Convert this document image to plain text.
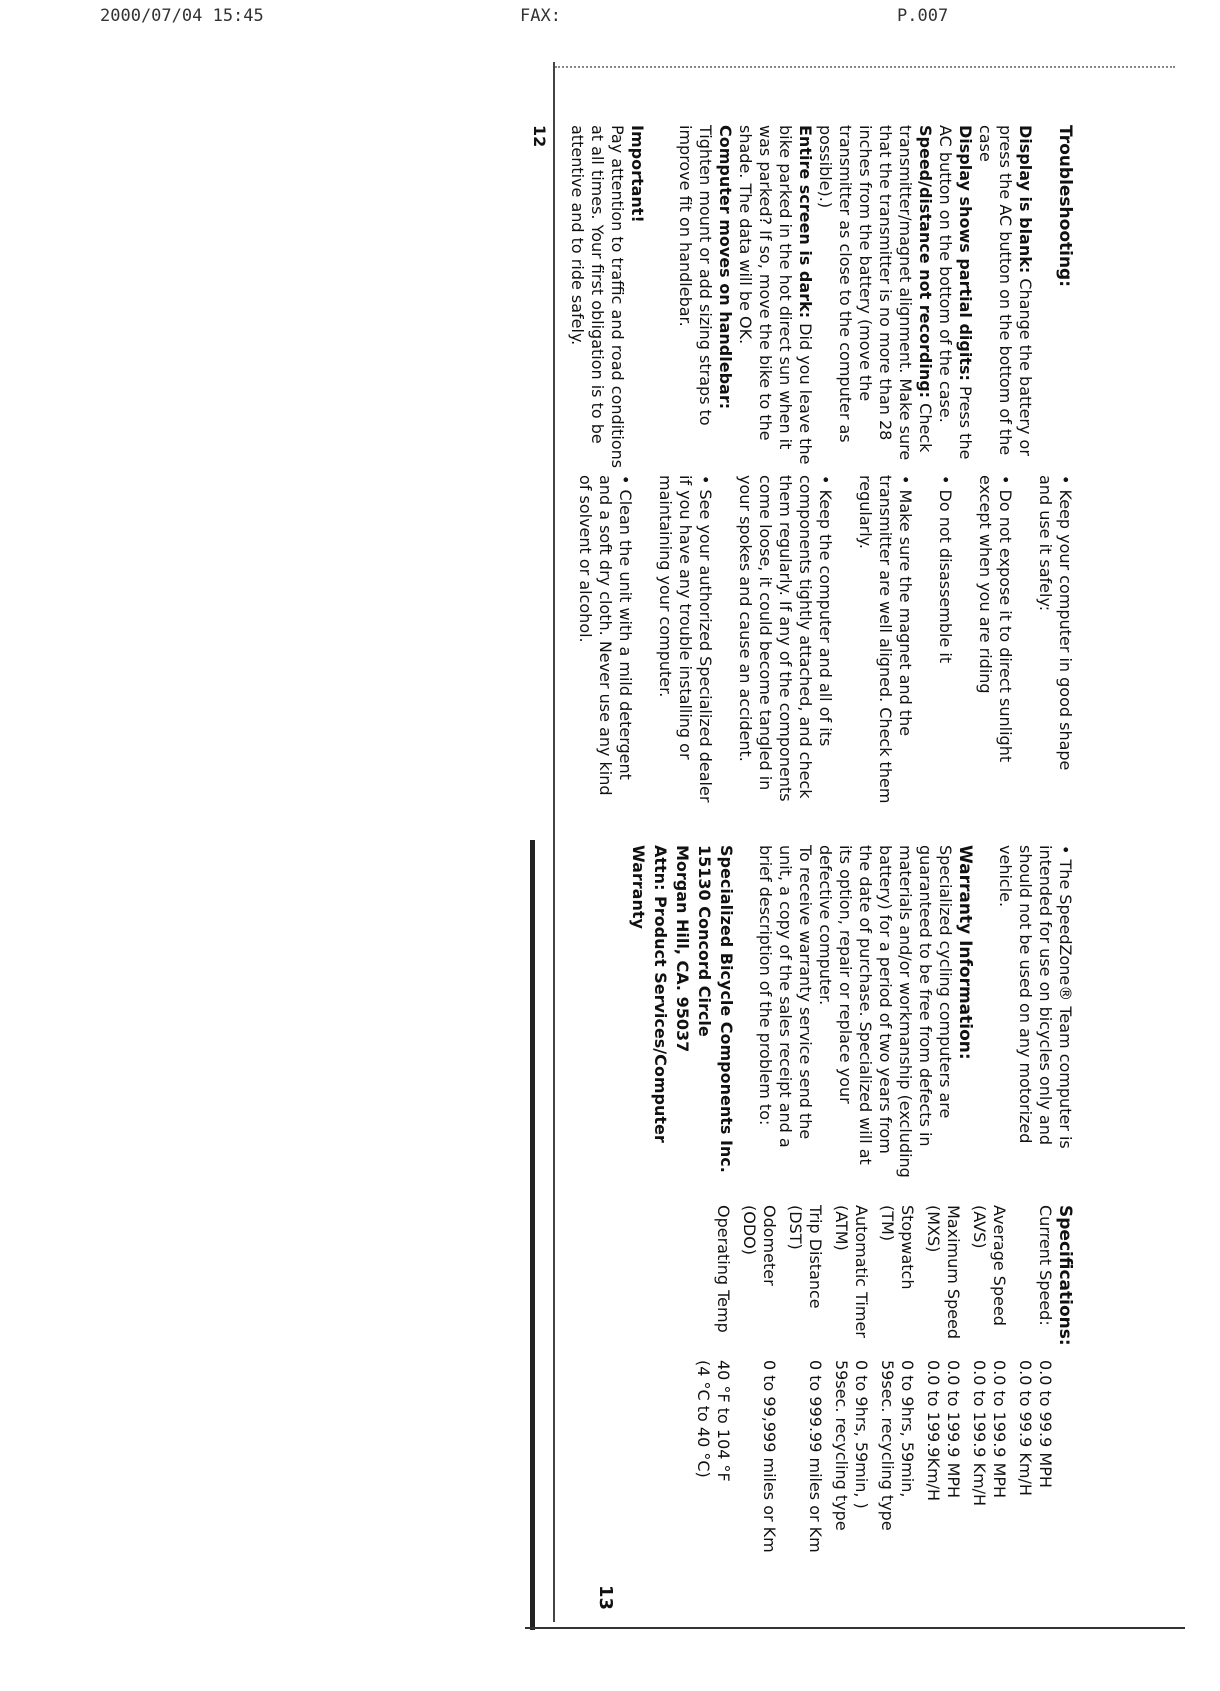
2000/07/04 15:45	FAX:	P.007

Troubleshooting:

Display is blank: Change the battery or press the AC button on the bottom of the case

Display shows partial digits: Press the AC button on the bottom of the case.

Speed/distance not recording: Check transmitter/magnet alignment. Make sure that the transmitter is no more than 28 inches from the battery (move the transmitter as close to the computer as possible).)

Entire screen is dark: Did you leave the bike parked in the hot direct sun when it was parked? If so, move the bike to the shade. The data will be OK.

Computer moves on handlebar: Tighten mount or add sizing straps to improve fit on handlebar.

Important!

Pay attention to traffic and road conditions at all times. Your first obligation is to be attentive and to ride safely.

12

• Keep your computer in good shape and use it safely:

• Do not expose it to direct sunlight except when you are riding

• Do not disassemble it

• Make sure the magnet and the transmitter are well aligned. Check them regularly.

• Keep the computer and all of its components tightly attached, and check them regularly. If any of the components come loose, it could become tangled in your spokes and cause an accident.

• See your authorized Specialized dealer if you have any trouble installing or maintaining your computer.

• Clean the unit with a mild detergent and a soft dry cloth. Never use any kind of solvent or alcohol.

• The SpeedZone® Team computer is intended for use on bicycles only and should not be used on any motorized vehicle.

Warranty Information:

Specialized cycling computers are guaranteed to be free from defects in materials and/or workmanship (excluding battery) for a period of two years from the date of purchase. Specialized will at its option, repair or replace your defective computer.

To receive warranty service send the unit, a copy of the sales receipt and a brief description of the problem to:

Specialized Bicycle Components Inc.

15130 Concord Circle

Morgan Hill, CA. 95037

Attn: Product Services/Computer

Warranty

Specifications:

Current Speed:
0.0 to 99.9 MPH
0.0 to 99.9 Km/H
Average Speed
(AVS)
0.0 to 199.9 MPH
0.0 to 199.9 Km/H
Maximum Speed
(MXS)
0.0 to 199.9 MPH
0.0 to 199.9Km/H
Stopwatch
(TM)
0 to 9hrs, 59min,
59sec. recycling type
Automatic Timer
(ATM)
0 to 9hrs, 59min, )
59sec. recycling type
Trip Distance
(DST)
0 to 999.99 miles or Km
Odometer
(ODO)
0 to 99,999 miles or Km
Operating Temp
40 °F to 104 °F
(4 °C to 40 °C)
13
